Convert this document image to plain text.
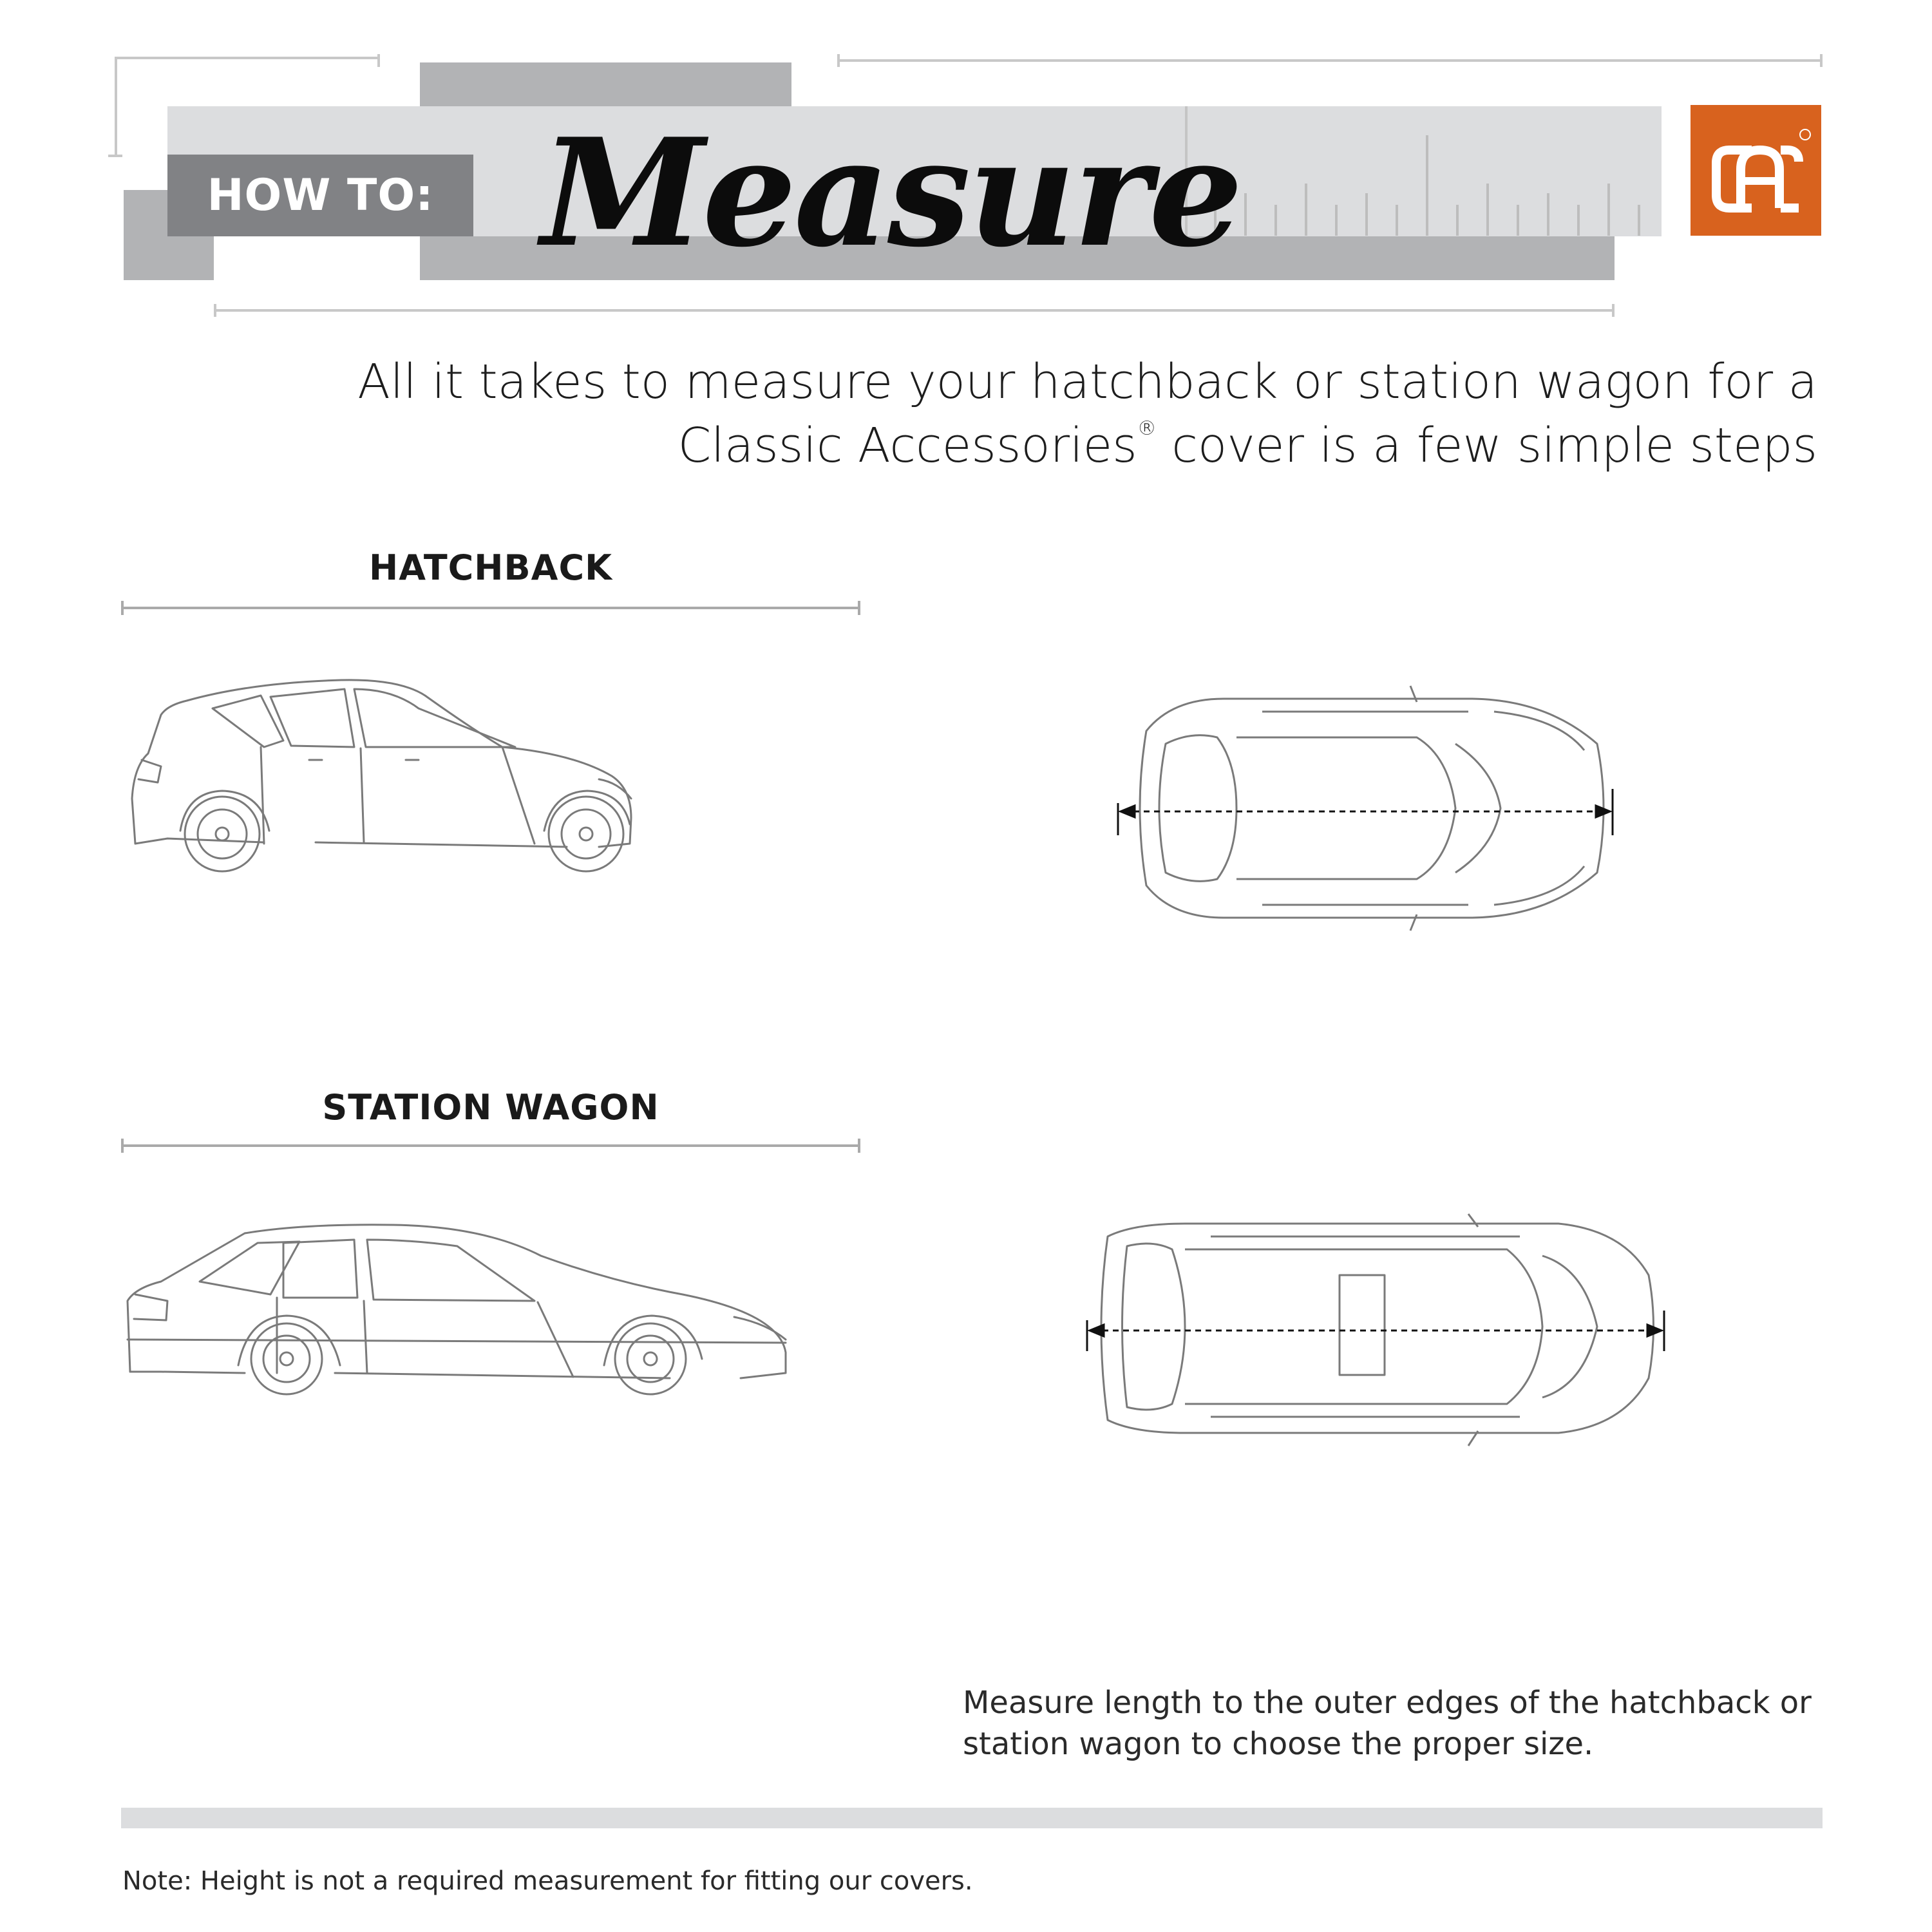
HOW TO: Measure
All it takes to measure your hatchback or station wagon for a
Classic Accessories® cover is a few simple steps
HATCHBACK
STATION WAGON
Measure length to the outer edges of the hatchback or
station wagon to choose the proper size.
Note: Height is not a required measurement for fitting our covers.
